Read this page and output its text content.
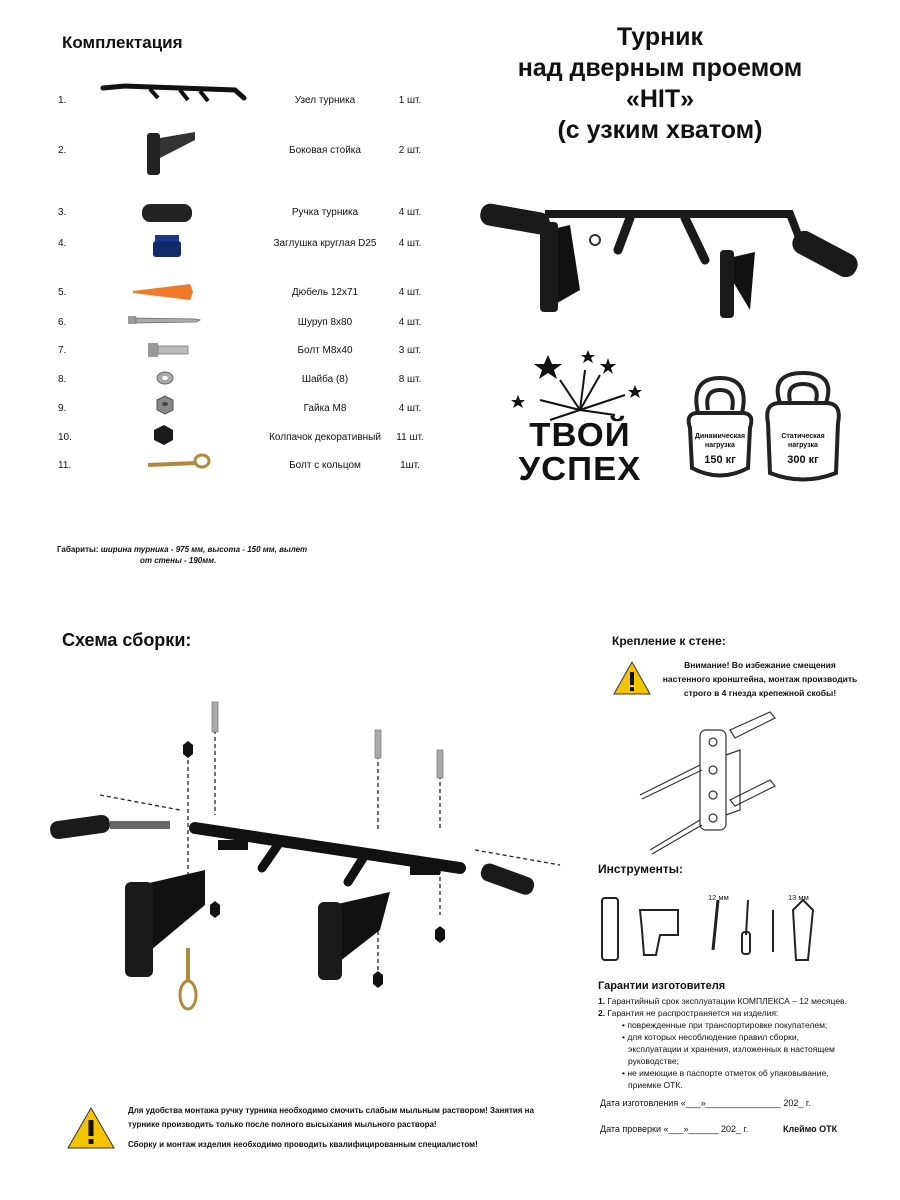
Комплектация
1.	Узел турника	1 шт.
2.	Боковая стойка	2 шт.
3.	Ручка турника	4 шт.
4.	Заглушка круглая D25	4 шт.
5.	Дюбель 12х71	4 шт.
6.	Шуруп 8х80	4 шт.
7.	Болт М8х40	3 шт.
8.	Шайба (8)	8 шт.
9.	Гайка М8	4 шт.
10.	Колпачок декоративный	11 шт.
11.	Болт с кольцом	1шт.
Габариты: ширина турника - 975 мм, высота - 150 мм, вылет
от стены - 190мм.
Турник
над дверным проемом
«HIT»
(с узким хватом)
ТВОЙ
УСПЕХ
Динамическая
нагрузка
150 кг
Статическая
нагрузка
300 кг
Схема сборки:	Крепление к стене:
Внимание! Во избежание смещения
настенного кронштейна, монтаж производить
строго в 4 гнезда крепежной скобы!
Инструменты:
12 мм	13 мм
Гарантии изготовителя
1. Гарантийный срок эксплуатации КОМПЛЕКСА – 12 месяцев.
2. Гарантия не распространяется на изделия:
• поврежденные при транспортировке покупателем;
• для которых несоблюдение правил сборки,
эксплуатации и хранения, изложенных в настоящем
руководстве;
• не имеющие в паспорте отметок об упаковывание,
приемке ОТК.
Дата изготовления «___»_______________ 202_ г.
Дата проверки «___»______ 202_ г.	Клеймо ОТК
Для удобства монтажа ручку турника необходимо смочить слабым мыльным раствором! Занятия на
турнике производить только после полного высыхания мыльного раствора!
Сборку и монтаж изделия необходимо проводить квалифицированным специалистом!
